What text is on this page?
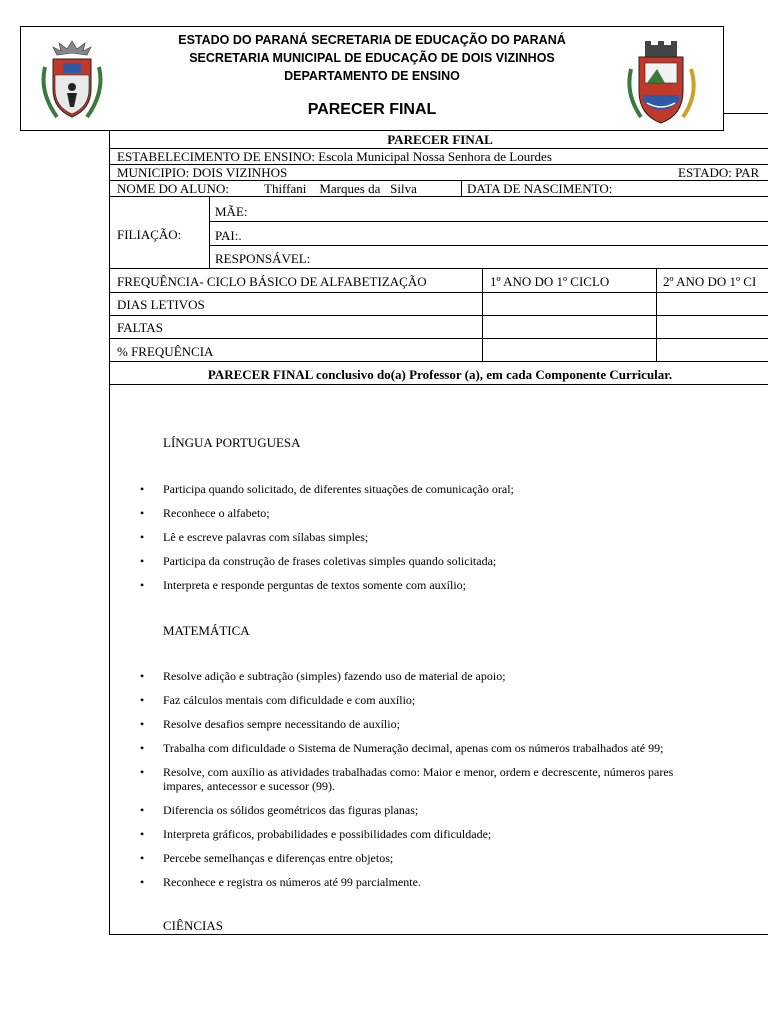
ESTADO DO PARANÁ SECRETARIA DE EDUCAÇÃO DO PARANÁ
SECRETARIA MUNICIPAL DE EDUCAÇÃO DE DOIS VIZINHOS
DEPARTAMENTO DE ENSINO
PARECER FINAL
PARECER FINAL
ESTABELECIMENTO DE ENSINO: Escola Municipal Nossa Senhora de Lourdes
MUNICIPIO: DOIS VIZINHOS	ESTADO: PAR
NOME DO ALUNO:	Thiffani    Marques da   Silva	DATA DE NASCIMENTO:
FILIAÇÃO:
MÃE:
PAI:.
RESPONSÁVEL:
FREQUÊNCIA- CICLO BÁSICO DE ALFABETIZAÇÃO	1º ANO DO 1º CICLO	2º ANO DO 1º CI
DIAS LETIVOS
FALTAS
% FREQUÊNCIA
PARECER FINAL conclusivo do(a) Professor (a), em cada Componente Curricular.
LÍNGUA PORTUGUESA
• Participa quando solicitado, de diferentes situações de comunicação oral;
• Reconhece o alfabeto;
• Lê e escreve palavras com sílabas simples;
• Participa da construção de frases coletivas simples quando solicitada;
• Interpreta e responde perguntas de textos somente com auxílio;
MATEMÁTICA
• Resolve adição e subtração (simples) fazendo uso de material de apoio;
• Faz cálculos mentais com dificuldade e com auxílio;
• Resolve desafios sempre necessitando de auxílio;
• Trabalha com dificuldade o Sistema de Numeração decimal, apenas com os números trabalhados até 99;
• Resolve, com auxílio as atividades trabalhadas como: Maior e menor, ordem e decrescente, números pares
impares, antecessor e sucessor (99).
• Diferencia os sólidos geométricos das figuras planas;
• Interpreta gráficos, probabilidades e possibilidades com dificuldade;
• Percebe semelhanças e diferenças entre objetos;
• Reconhece e registra os números até 99 parcialmente.
CIÊNCIAS
